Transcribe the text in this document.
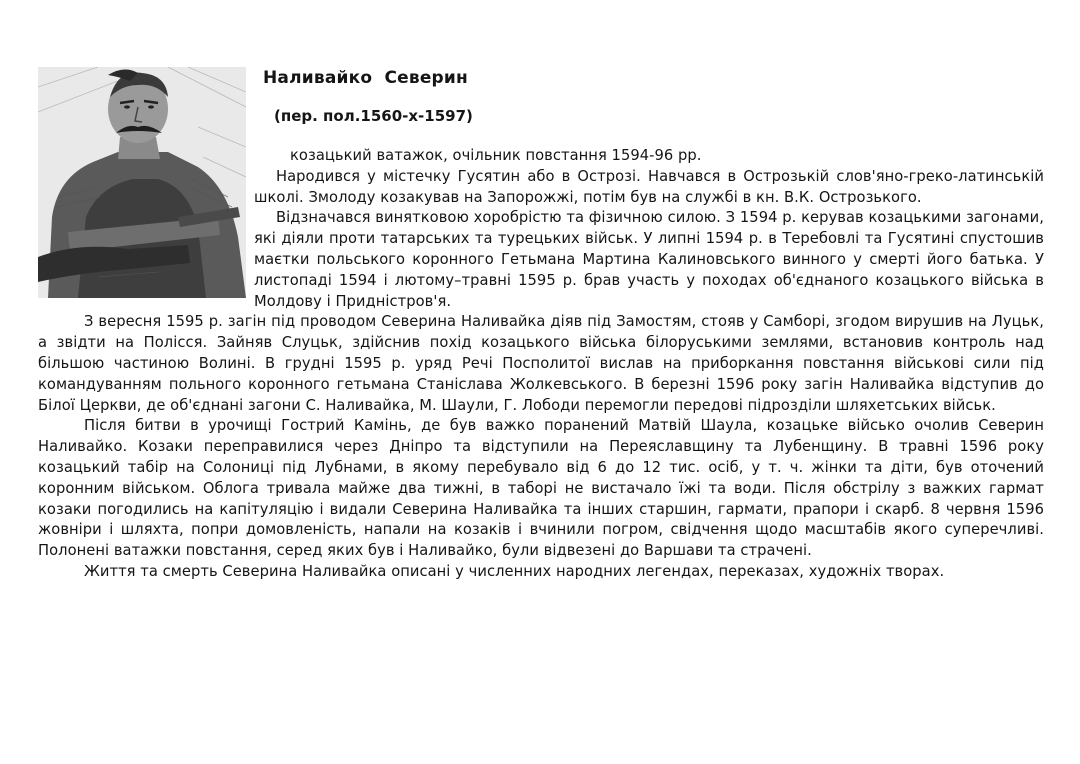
Наливайко  Северин
(пер. пол.1560-х-1597)

козацький ватажок, очільник повстання 1594-96 рр.

Народився у містечку Гусятин або в Острозі. Навчався в Острозькій слов'яно-греко-латинській школі. Змолоду козакував на Запорожжі, потім був на службі в кн. В.К. Острозького.

Відзначався винятковою хоробрістю та фізичною силою. З 1594 р. керував козацькими загонами, які діяли проти татарських та турецьких військ. У липні 1594 р. в Теребовлі та Гусятині спустошив маєтки польського коронного Гетьмана Мартина Калиновського винного у смерті його батька. У листопаді 1594 і лютому–травні 1595 р. брав участь у походах об'єднаного козацького війська в Молдову і Придністров'я.

З вересня 1595 р. загін під проводом Северина Наливайка діяв під Замостям, стояв у Самборі, згодом вирушив на Луцьк, а звідти на Полісся. Зайняв Слуцьк, здійснив похід козацького війська білоруськими землями, встановив контроль над більшою частиною Волині. В грудні 1595 р. уряд Речі Посполитої вислав на приборкання повстання військові сили під командуванням польного коронного гетьмана Станіслава Жолкевського. В березні 1596 року загін Наливайка відступив до Білої Церкви, де об'єднані загони С. Наливайка, М. Шаули, Г. Лободи перемогли передові підрозділи шляхетських військ.

Після битви в урочищі Гострий Камінь, де був важко поранений Матвій Шаула, козацьке військо очолив Северин Наливайко. Козаки переправилися через Дніпро та відступили на Переяславщину та Лубенщину. В травні 1596 року козацький табір на Солониці під Лубнами, в якому перебувало від 6 до 12 тис. осіб, у т. ч. жінки та діти, був оточений коронним військом. Облога тривала майже два тижні, в таборі не вистачало їжі та води. Після обстрілу з важких гармат козаки погодились на капітуляцію і видали Северина Наливайка та інших старшин, гармати, прапори і скарб. 8 червня 1596 жовніри і шляхта, попри домовленість, напали на козаків і вчинили погром, свідчення щодо масштабів якого суперечливі. Полонені ватажки повстання, серед яких був і Наливайко, були відвезені до Варшави та страчені.

Життя та смерть Северина Наливайка описані у численних народних легендах, переказах, художніх творах.
